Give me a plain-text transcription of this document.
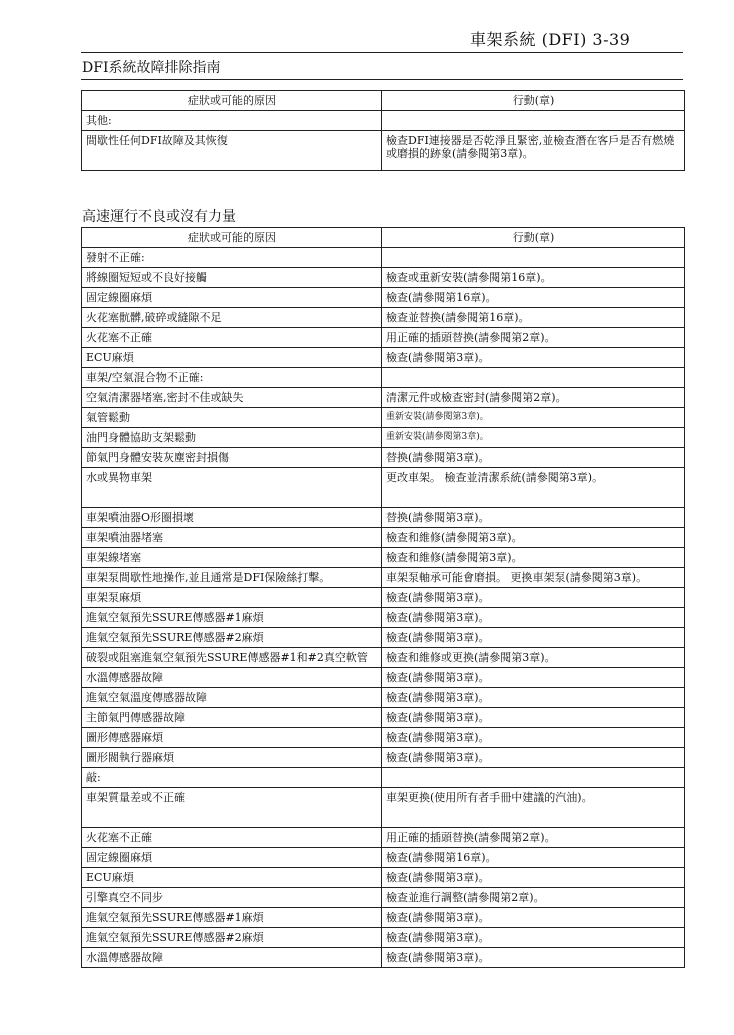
車架系統 (DFI) 3-39
DFI系統故障排除指南
症狀或可能的原因	行動(章)
其他:	
間歇性任何DFI故障及其恢復	檢查DFI連接器是否乾淨且緊密,並檢查潛在客戶是否有燃燒或磨損的跡象(請參閱第3章)。
高速運行不良或沒有力量
症狀或可能的原因	行動(章)
發射不正確:	
將線圈短短或不良好接觸	檢查或重新安裝(請參閱第16章)。
固定線圈麻煩	檢查(請參閱第16章)。
火花塞骯髒,破碎或縫隙不足	檢查並替換(請參閱第16章)。
火花塞不正確	用正確的插頭替換(請參閱第2章)。
ECU麻煩	檢查(請參閱第3章)。
車架/空氣混合物不正確:	
空氣清潔器堵塞,密封不佳或缺失	清潔元件或檢查密封(請參閱第2章)。
氣管鬆動	重新安裝(請參閱第3章)。
油門身體協助支架鬆動	重新安裝(請參閱第3章)。
節氣門身體安裝灰塵密封損傷	替換(請參閱第3章)。
水或異物車架	更改車架。 檢查並清潔系統(請參閱第3章)。
車架噴油器O形圈損壞	替換(請參閱第3章)。
車架噴油器堵塞	檢查和維修(請參閱第3章)。
車架線堵塞	檢查和維修(請參閱第3章)。
車架泵間歇性地操作,並且通常是DFI保險絲打擊。	車架泵軸承可能會磨損。 更換車架泵(請參閱第3章)。
車架泵麻煩	檢查(請參閱第3章)。
進氣空氣預先SSURE傳感器#1麻煩	檢查(請參閱第3章)。
進氣空氣預先SSURE傳感器#2麻煩	檢查(請參閱第3章)。
破裂或阻塞進氣空氣預先SSURE傳感器#1和#2真空軟管	檢查和維修或更換(請參閱第3章)。
水溫傳感器故障	檢查(請參閱第3章)。
進氣空氣溫度傳感器故障	檢查(請參閱第3章)。
主節氣門傳感器故障	檢查(請參閱第3章)。
圖形傳感器麻煩	檢查(請參閱第3章)。
圖形閥執行器麻煩	檢查(請參閱第3章)。
敲:	
車架質量差或不正確	車架更換(使用所有者手冊中建議的汽油)。
火花塞不正確	用正確的插頭替換(請參閱第2章)。
固定線圈麻煩	檢查(請參閱第16章)。
ECU麻煩	檢查(請參閱第3章)。
引擎真空不同步	檢查並進行調整(請參閱第2章)。
進氣空氣預先SSURE傳感器#1麻煩	檢查(請參閱第3章)。
進氣空氣預先SSURE傳感器#2麻煩	檢查(請參閱第3章)。
水溫傳感器故障	檢查(請參閱第3章)。
